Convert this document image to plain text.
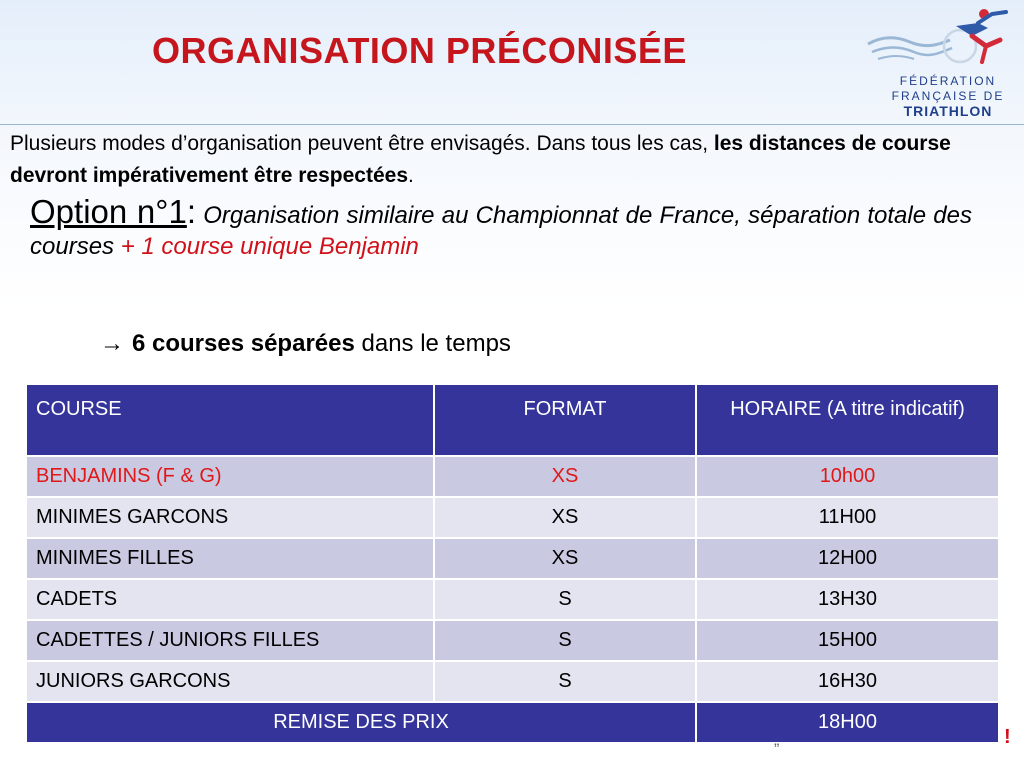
ORGANISATION PRÉCONISÉE
FÉDÉRATION
FRANÇAISE DE
TRIATHLON
Plusieurs modes d’organisation peuvent être envisagés. Dans tous les cas, les distances de course devront impérativement être respectées.
Option n°1: Organisation similaire au Championnat de France, séparation totale des courses + 1 course unique Benjamin
→ 6 courses séparées dans le temps
COURSE	FORMAT	HORAIRE (A titre indicatif)
BENJAMINS (F & G)	XS	10h00
MINIMES GARCONS	XS	11H00
MINIMES FILLES	XS	12H00
CADETS	S	13H30
CADETTES / JUNIORS FILLES	S	15H00
JUNIORS GARCONS	S	16H30
REMISE DES PRIX		18H00
„	!
